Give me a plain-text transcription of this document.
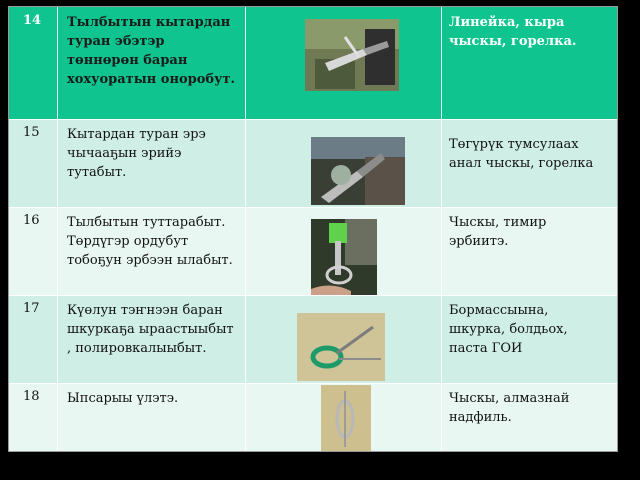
14 Тылбытын кытардан туран эбэтэр төннөрөн баран хохуоратын оноробут.
Линейка, кыра чыскы, горелка.
15 Кытардан туран эрэ чычааҕын эрийэ тутабыт.
Төгүрүк тумсулаах анал чыскы, горелка
16 Тылбытын туттарабыт. Төрдүгэр ордубут тобоҕун эрбээн ылабыт.
Чыскы, тимир эрбиитэ.
17 Күөлун тэҥнээн баран шкуркаҕа ыраастыыбыт , полировкалыыбыт.
Бормассыына, шкурка, болдьох, паста ГОИ
18 Ыпсарыы үлэтэ.	Чыскы, алмазнай надфиль.
